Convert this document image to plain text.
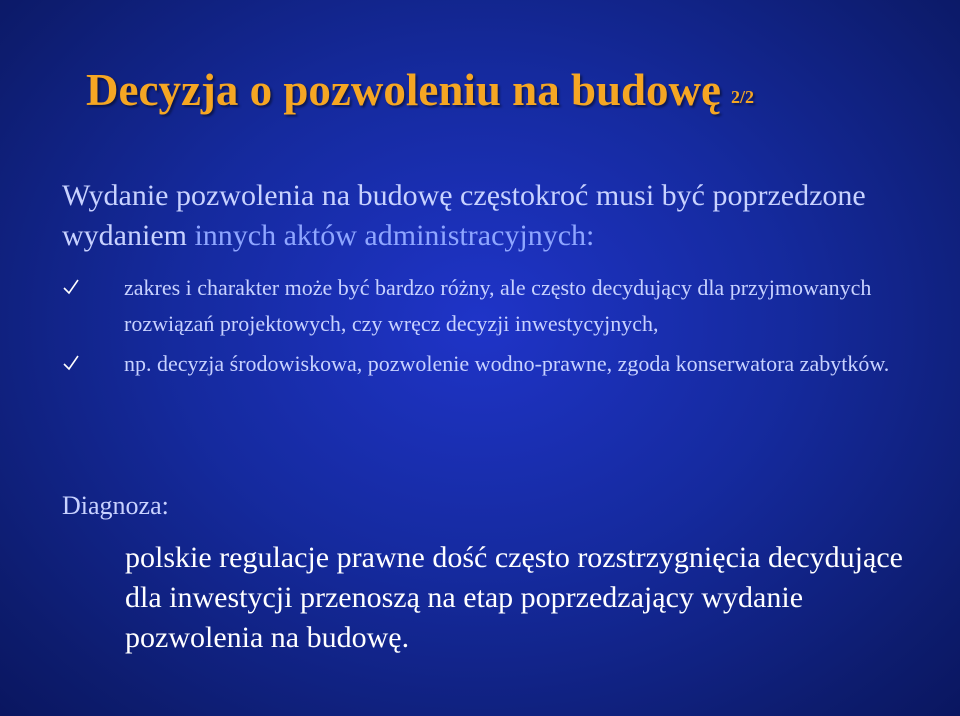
Decyzja o pozwoleniu na budowę 2/2
Wydanie pozwolenia na budowę częstokroć musi być poprzedzone wydaniem innych aktów administracyjnych:
zakres i charakter może być bardzo różny, ale często decydujący dla przyjmowanych rozwiązań projektowych, czy wręcz decyzji inwestycyjnych,
np. decyzja środowiskowa, pozwolenie wodno-prawne, zgoda konserwatora zabytków.
Diagnoza:
polskie regulacje prawne dość często rozstrzygnięcia decydujące dla inwestycji przenoszą na etap poprzedzający wydanie pozwolenia na budowę.
